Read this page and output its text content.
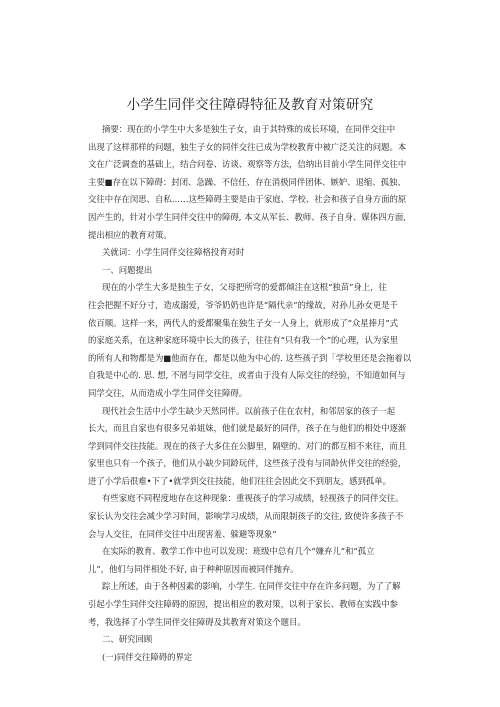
小学生同伴交往障碍特征及教育对策研究
摘要：现在的小学生中大多是独生子女，由于其特殊的成长环境，在同伴交往中
出现了这样那样的问题，独生子女的同伴交往已成为学校教育中被广泛关注的问题。本
文在广泛调查的基础上，结合问卷、访谈、观察等方法，信纳出目前小学生同伴交往中
主要■存在以下障碍：封闭、急躁、不信任、存在消极同伴团体、嫉妒、退缩、孤独、
交往中存在闵思、自私……这些障碍主要是由于家庭、学校、社会和孩子自身方面的原
因产生的，针对小学生同伴交往中的障碍, 本文从军长、教师、孩子自身、媒体四方面,
提出相应的教育对策。
关就词：小学生同伴交往障格投育对时
一、问题提出
现在的小学生大多是独生子女，父母把所穹的爱都倾注在这根“独苗”身上，往
往会把握不好分寸，造成溺爱，爷爷奶奶也许是“隔代亲”的缘故，对孙儿孙女更是千
依百顺。这样一来，两代人的爱都聚集在独生子女一人身上，就形成了“众星捧月”式
的家庭关系，在这种家庭环境中长大的孩子，往往有“只有我一个”的心理，认为家里
的所有人和物都是为■他而存在，都是以他为中心的. 这些孩子到「学校里还是会拖着以
自我是中心的. 思. 想, 不屑与同学交往，或者由于没有人际交往的经验，不知道如何与
同学交往，从而造成小学生同伴交往障碍。
现代社会生活中小学生缺少天然同伴。以前孩子住在农村，和邻居家的孩子一起
长大，而且自家也有很多兄弟姐妹，他们就是最好的同伴，孩子在与他们的相处中逐渐
学到同伴交往技能。现在的孩子大多住在公脚里，隔壁的、对门的都互相不来往，而且
家里也只有一个孩子，他们从小缺少同龄玩伴，这些孩子没有与同龄伙伴交往的经验，
进了小学后很难•下了•就学到交往技能，他们往往会因此交不到朋友，感到孤单。
有些家庭不同程度地存在这种现象：重视孩子的学习成绩，轻视孩子的同伴交往。
家长认为交往会减少学习时间，影响学习成绩，从而限制孩子的交往, 致使许多孩子不
会与人交往，在同伴交往中出现害羞、躲避等现象“
在实际的教育、教学工作中也可以发现：班级中总有几个“嫌弃儿”和“孤立
儿”，他们与同伴相处不好, 由于种种原因而被同伴抛弃。
踪上所述，由于各种因素的影响，小学生. 在同伴交往中存在许多问题，为了了解
引起小学生同伴交往障碍的原因，提出相应的教对策，以利于家长、教师在实践中参
考，我选择了小学生同伴交往障碍及其教育对策这个题目。
二、研究回顾
(一)同伴交往障碍的界定
